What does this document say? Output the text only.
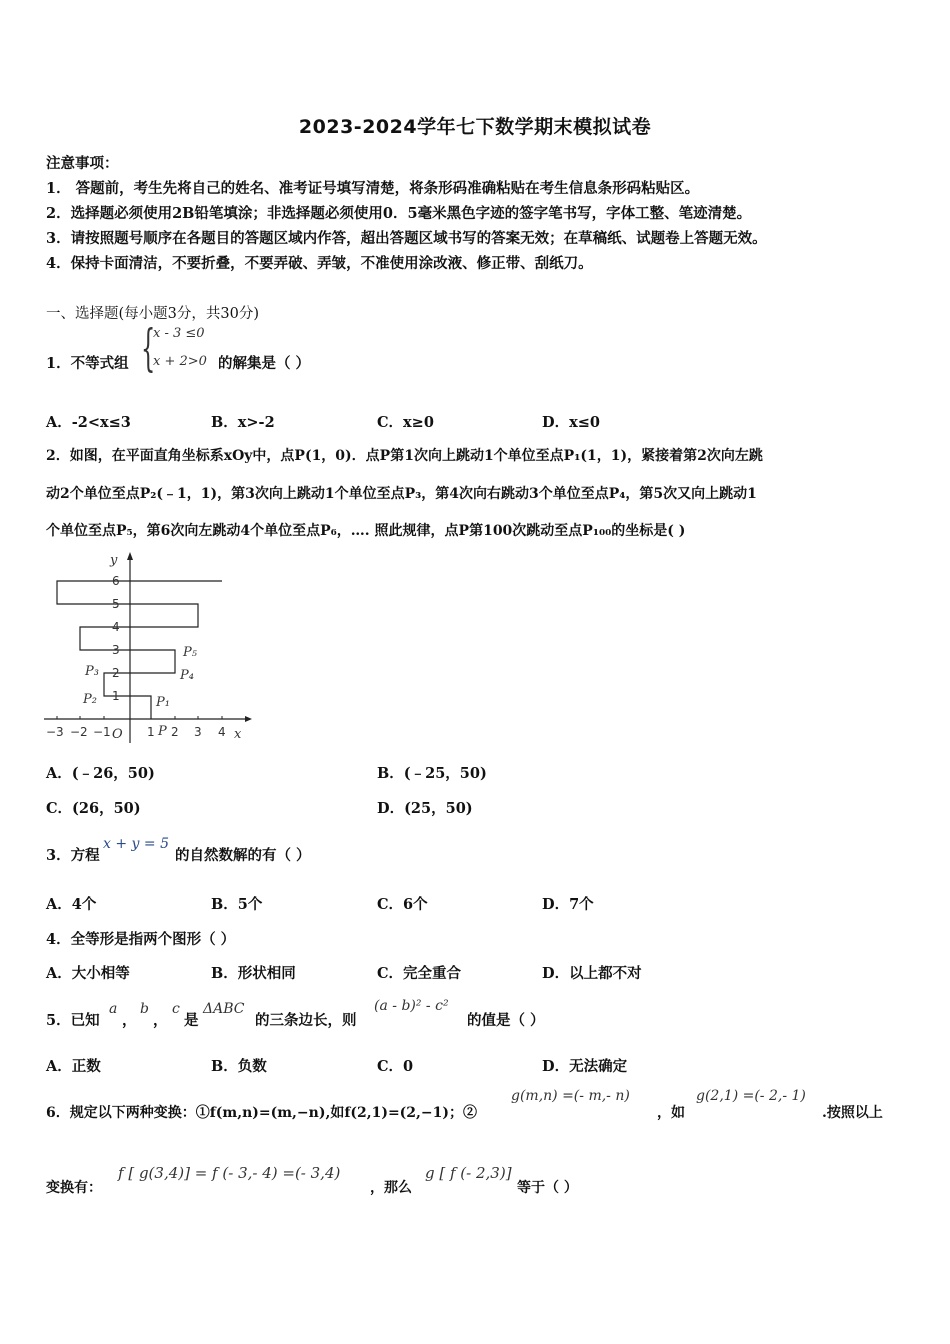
2023-2024学年七下数学期末模拟试卷
注意事项：
1． 答题前，考生先将自己的姓名、准考证号填写清楚，将条形码准确粘贴在考生信息条形码粘贴区。
2．选择题必须使用2B铅笔填涂；非选择题必须使用0．5毫米黑色字迹的签字笔书写，字体工整、笔迹清楚。
3．请按照题号顺序在各题目的答题区域内作答，超出答题区域书写的答案无效；在草稿纸、试题卷上答题无效。
4．保持卡面清洁，不要折叠，不要弄破、弄皱，不准使用涂改液、修正带、刮纸刀。
一、选择题(每小题3分，共30分)
1．不等式组 {
x - 3 ≤0
x + 2>0 的解集是（ ）
A．-2<x≤3	B．x>-2	C．x≥0	D．x≤0
2．如图，在平面直角坐标系xOy中，点P(1，0)．点P第1次向上跳动1个单位至点P₁(1，1)，紧接着第2次向左跳
动2个单位至点P₂(﹣1，1)，第3次向上跳动1个单位至点P₃，第4次向右跳动3个单位至点P₄，第5次又向上跳动1
个单位至点P₅，第6次向左跳动4个单位至点P₆，…. 照此规律，点P第100次跳动至点P₁₀₀的坐标是( )
y
x
O	P
P₁
P₂
P₃	P₄
P₅
1
2
3
4
5
6
−3 −2 −1	1 2 3 4
A．(﹣26，50)	B．(﹣25，50)
C．(26，50)	D．(25，50)
3．方程
x + y = 5
的自然数解的有（ ）
A．4个	B．5个	C．6个	D．7个
4．全等形是指两个图形（ ）
A．大小相等	B．形状相同	C．完全重合	D．以上都不对
5．已知
a
，
b
，
c
是
ΔABC
的三条边长，则
(a - b)² - c²
的值是（ ）
A．正数	B．负数	C．0	D．无法确定
6．规定以下两种变换：①f(m,n)=(m,−n),如f(2,1)=(2,−1)；②
g(m,n) =(- m,- n)
，如
g(2,1) =(- 2,- 1)
.按照以上
变换有：
f [ g(3,4)] = f (- 3,- 4) =(- 3,4)
，那么
g [ f (- 2,3)]
等于（ ）
